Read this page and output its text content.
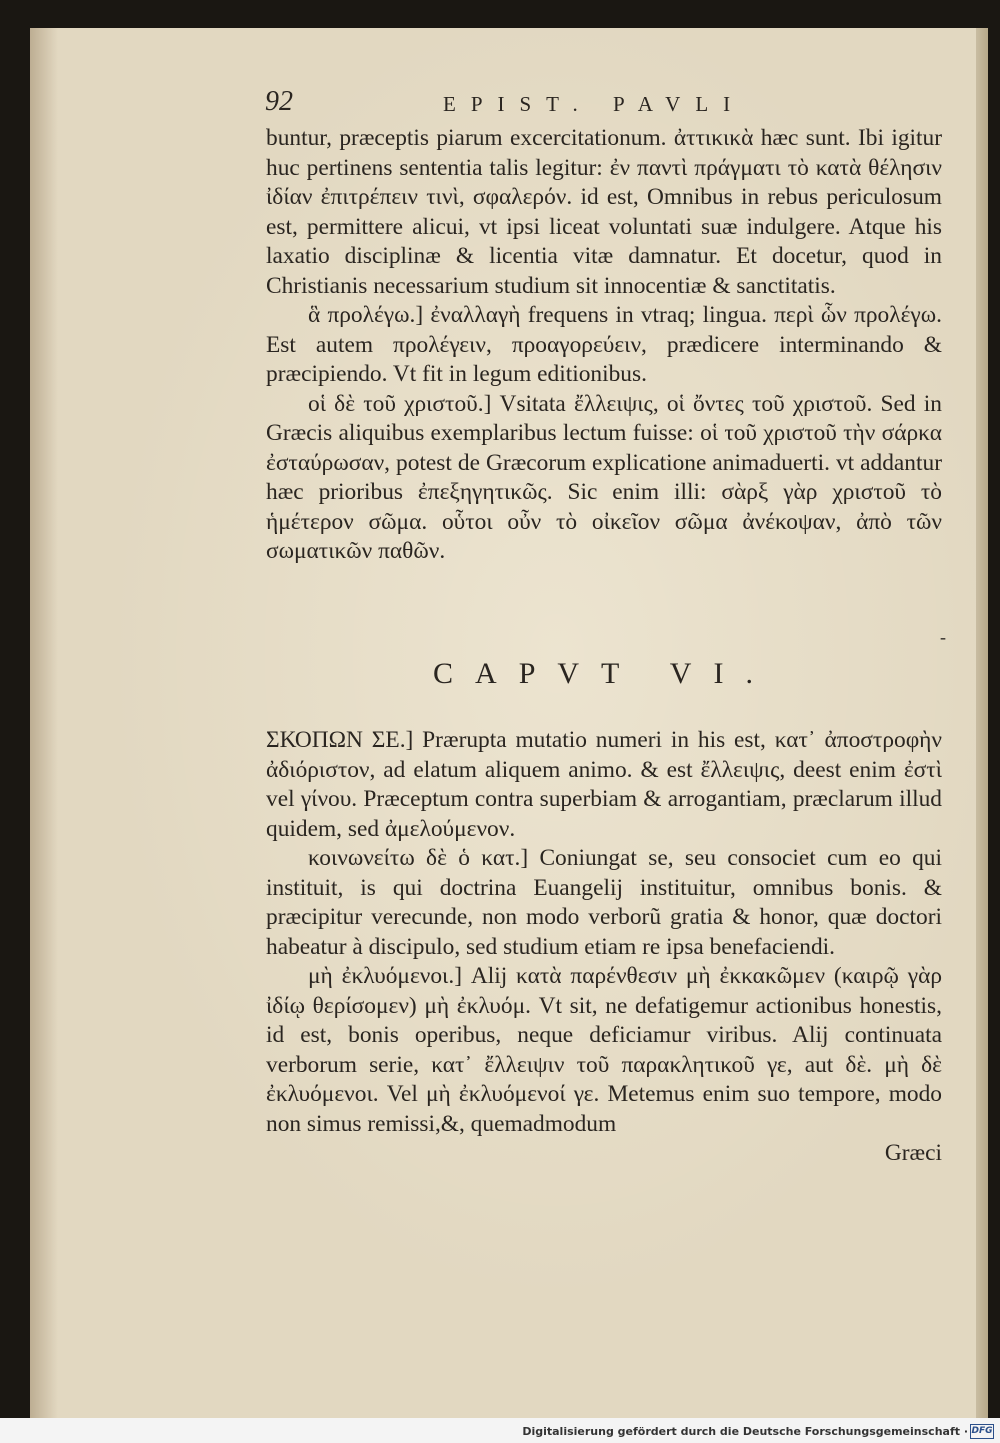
92	EPIST. PAVLI

buntur, præceptis piarum excercitationum. ἀττικικὰ hæc sunt. Ibi igitur huc pertinens sententia talis legitur: ἐν παντὶ πράγματι τὸ κατὰ θέλησιν ἰδίαν ἐπιτρέπειν τινὶ, σφαλερόν. id est, Omnibus in rebus periculosum est, permittere alicui, vt ipsi liceat voluntati suæ indulgere. Atque his laxatio disciplinæ & licentia vitæ damnatur. Et docetur, quod in Christianis necessarium studium sit innocentiæ & sanctitatis.

ἃ προλέγω.] ἐναλλαγὴ frequens in vtraq; lingua. περὶ ὧν προλέγω. Est autem προλέγειν, προαγορεύειν, prædicere interminando & præcipiendo. Vt fit in legum editionibus.

οἱ δὲ τοῦ χριστοῦ.] Vsitata ἔλλειψις, οἱ ὄντες τοῦ χριστοῦ. Sed in Græcis aliquibus exemplaribus lectum fuisse: οἱ τοῦ χριστοῦ τὴν σάρκα ἐσταύρωσαν, potest de Græcorum explicatione animaduerti. vt addantur hæc prioribus ἐπεξηγητικῶς. Sic enim illi: σὰρξ γὰρ χριστοῦ τὸ ἡμέτερον σῶμα. οὗτοι οὖν τὸ οἰκεῖον σῶμα ἀνέκοψαν, ἀπὸ τῶν σωματικῶν παθῶν.

‐
CAPVT VI.

ΣΚΟΠΩΝ ΣΕ.] Prærupta mutatio numeri in his est, κατ᾽ ἀποστροφὴν ἀδιόριστον, ad elatum aliquem animo. & est ἔλλειψις, deest enim ἐστὶ vel γίνου. Præceptum contra superbiam & arrogantiam, præclarum illud quidem, sed ἀμελούμενον.

κοινωνείτω δὲ ὁ κατ.] Coniungat se, seu consociet cum eo qui instituit, is qui doctrina Euangelij instituitur, omnibus bonis. & præcipitur verecunde, non modo verborũ gratia & honor, quæ doctori habeatur à discipulo, sed studium etiam re ipsa benefaciendi.

μὴ ἐκλυόμενοι.] Alij κατὰ παρένθεσιν μὴ ἐκκακῶμεν (καιρῷ γὰρ ἰδίῳ θερίσομεν) μὴ ἐκλυόμ. Vt sit, ne defatigemur actionibus honestis, id est, bonis operibus, neque deficiamur viribus. Alij continuata verborum serie, κατ᾽ ἔλλειψιν τοῦ παρακλητικοῦ γε, aut δὲ. μὴ δὲ ἐκλυόμενοι. Vel μὴ ἐκλυόμενοί γε. Metemus enim suo tempore, modo non simus remissi,&, quemadmodum

Græci
Digitalisierung gefördert durch die Deutsche Forschungsgemeinschaft · DFG
